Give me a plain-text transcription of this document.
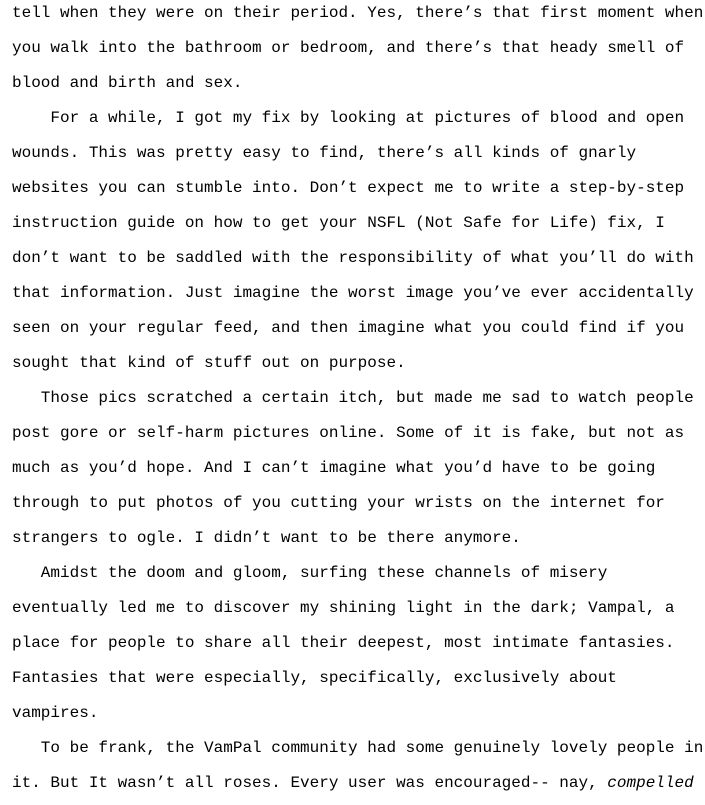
tell when they were on their period. Yes, there’s that first moment when
you walk into the bathroom or bedroom, and there’s that heady smell of
blood and birth and sex.
For a while, I got my fix by looking at pictures of blood and open
wounds. This was pretty easy to find, there’s all kinds of gnarly
websites you can stumble into. Don’t expect me to write a step-by-step
instruction guide on how to get your NSFL (Not Safe for Life) fix, I
don’t want to be saddled with the responsibility of what you’ll do with
that information. Just imagine the worst image you’ve ever accidentally
seen on your regular feed, and then imagine what you could find if you
sought that kind of stuff out on purpose.
Those pics scratched a certain itch, but made me sad to watch people
post gore or self-harm pictures online. Some of it is fake, but not as
much as you’d hope. And I can’t imagine what you’d have to be going
through to put photos of you cutting your wrists on the internet for
strangers to ogle. I didn’t want to be there anymore.
Amidst the doom and gloom, surfing these channels of misery
eventually led me to discover my shining light in the dark; Vampal, a
place for people to share all their deepest, most intimate fantasies.
Fantasies that were especially, specifically, exclusively about
vampires.
To be frank, the VamPal community had some genuinely lovely people in
it. But It wasn’t all roses. Every user was encouraged-- nay, compelled
